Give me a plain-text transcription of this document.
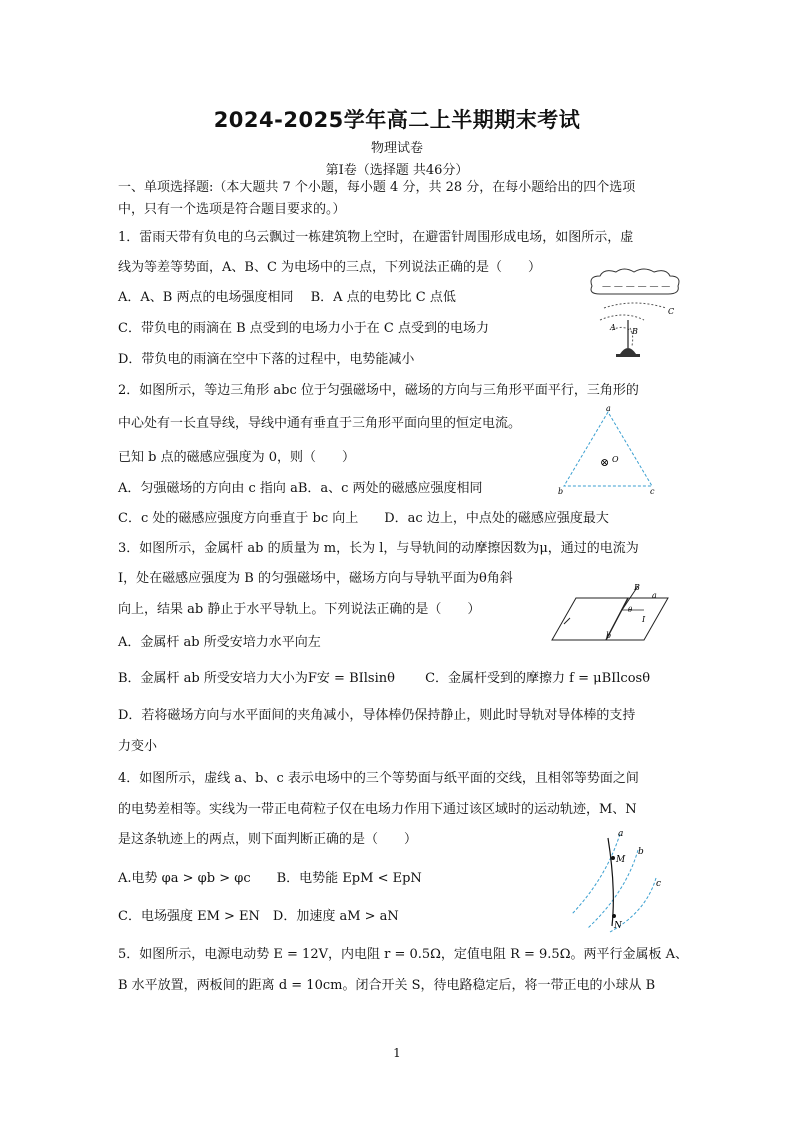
2024-2025学年高二上半期期末考试
物理试卷
第Ⅰ卷（选择题 共46分）
一、单项选择题:（本大题共 7 个小题，每小题 4 分，共 28 分，在每小题给出的四个选项
中，只有一个选项是符合题目要求的。）
1．雷雨天带有负电的乌云飘过一栋建筑物上空时，在避雷针周围形成电场，如图所示，虚
线为等差等势面，A、B、C 为电场中的三点，下列说法正确的是（　　）
A．A、B 两点的电场强度相同　 B．A 点的电势比 C 点低
C．带负电的雨滴在 B 点受到的电场力小于在 C 点受到的电场力
D．带负电的雨滴在空中下落的过程中，电势能减小
— — — — — —
C
A B
2．如图所示，等边三角形 abc 位于匀强磁场中，磁场的方向与三角形平面平行，三角形的
中心处有一长直导线，导线中通有垂直于三角形平面向里的恒定电流。
已知 b 点的磁感应强度为 0，则（　　）
A．匀强磁场的方向由 c 指向 aB．a、c 两处的磁感应强度相同
C．c 处的磁感应强度方向垂直于 bc 向上　　D．ac 边上，中点处的磁感应强度最大
a
b	c
⊗ O
3．如图所示，金属杆 ab 的质量为 m，长为 l，与导轨间的动摩擦因数为μ，通过的电流为
I，处在磁感应强度为 B 的匀强磁场中，磁场方向与导轨平面为θ角斜
向上，结果 ab 静止于水平导轨上。下列说法正确的是（　　）
A．金属杆 ab 所受安培力水平向左
B．金属杆 ab 所受安培力大小为F安 = BIlsinθ　　 C．金属杆受到的摩擦力 f = μBIlcosθ
D．若将磁场方向与水平面间的夹角减小，导体棒仍保持静止，则此时导轨对导体棒的支持
力变小
B
a
θ
I
b
4．如图所示，虚线 a、b、c 表示电场中的三个等势面与纸平面的交线，且相邻等势面之间
的电势差相等。实线为一带正电荷粒子仅在电场力作用下通过该区域时的运动轨迹，M、N
是这条轨迹上的两点，则下面判断正确的是（　　）
A.电势 φa > φb > φc　　B．电势能 EpM < EpN
C．电场强度 EM > EN　D．加速度 aM > aN
a
b
c
M
N
5．如图所示，电源电动势 E = 12V，内电阻 r = 0.5Ω，定值电阻 R = 9.5Ω。两平行金属板 A、
B 水平放置，两板间的距离 d = 10cm。闭合开关 S，待电路稳定后，将一带正电的小球从 B
1
